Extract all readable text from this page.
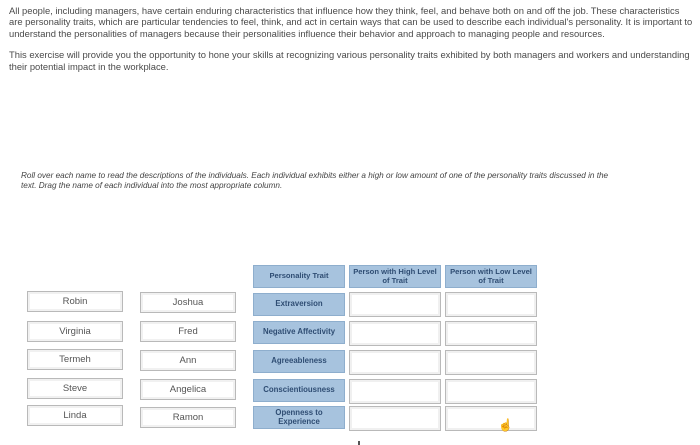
All people, including managers, have certain enduring characteristics that influence how they think, feel, and behave both on and off the job. These characteristics are personality traits, which are particular tendencies to feel, think, and act in certain ways that can be used to describe each individual's personality. It is important to understand the personalities of managers because their personalities influence their behavior and approach to managing people and resources.

This exercise will provide you the opportunity to hone your skills at recognizing various personality traits exhibited by both managers and workers and understanding their potential impact in the workplace.

Roll over each name to read the descriptions of the individuals. Each individual exhibits either a high or low amount of one of the personality traits discussed in the text. Drag the name of each individual into the most appropriate column.
Robin
Virginia
Termeh
Steve
Linda
Joshua
Fred
Ann
Angelica
Ramon
Personality Trait	Person with High Level of Trait
Person with Low Level of Trait
Extraversion
Negative Affectivity
Agreeableness
Conscientiousness
Openness to Experience	☝
